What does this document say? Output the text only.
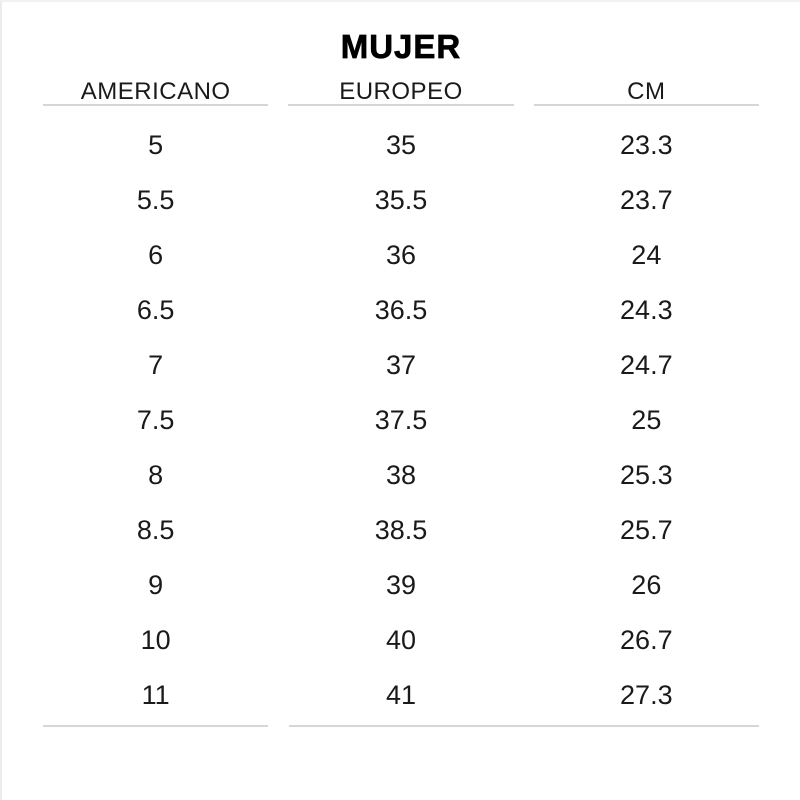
MUJER
AMERICANO	EUROPEO	CM
5	35	23.3
5.5	35.5	23.7
6	36	24
6.5	36.5	24.3
7	37	24.7
7.5	37.5	25
8	38	25.3
8.5	38.5	25.7
9	39	26
10	40	26.7
11	41	27.3
